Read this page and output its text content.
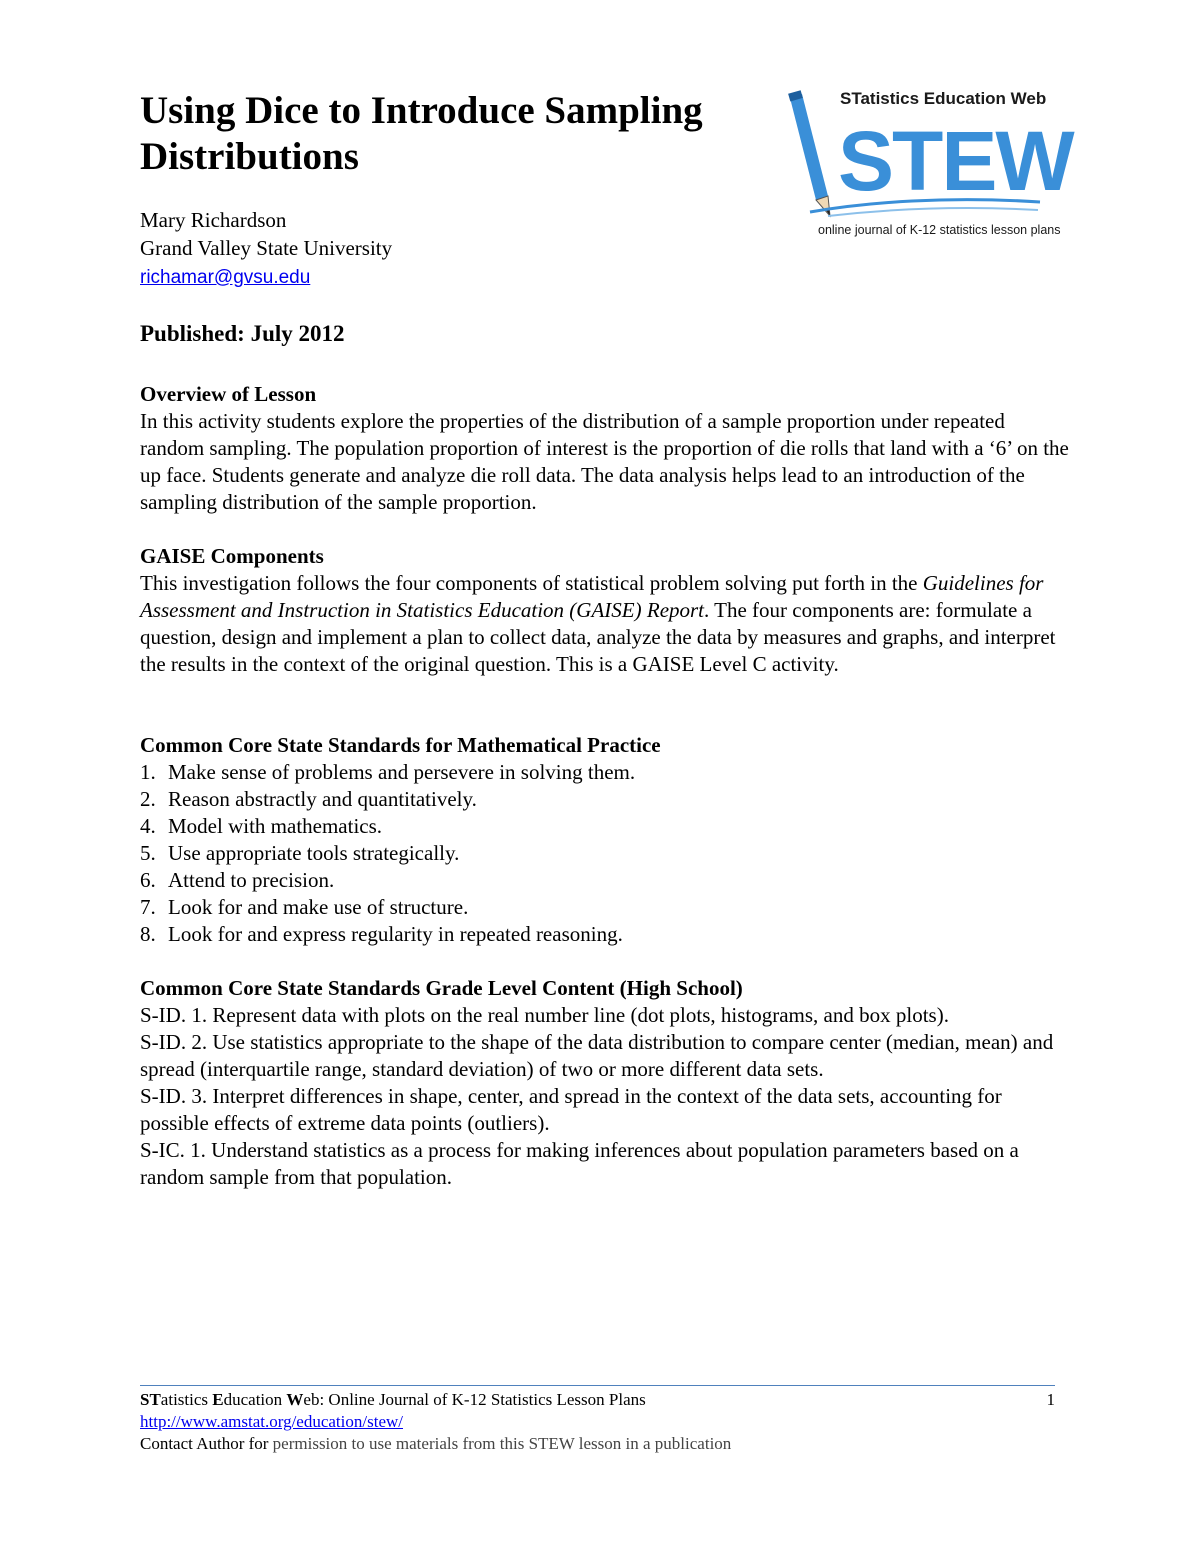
Using Dice to Introduce Sampling Distributions
STatistics Education Web
STEW
online journal of K-12 statistics lesson plans
Mary Richardson
Grand Valley State University
richamar@gvsu.edu

Published: July 2012

Overview of Lesson

In this activity students explore the properties of the distribution of a sample proportion under repeated random sampling. The population proportion of interest is the proportion of die rolls that land with a ‘6’ on the up face. Students generate and analyze die roll data. The data analysis helps lead to an introduction of the sampling distribution of the sample proportion.

GAISE Components

This investigation follows the four components of statistical problem solving put forth in the Guidelines for Assessment and Instruction in Statistics Education (GAISE) Report. The four components are: formulate a question, design and implement a plan to collect data, analyze the data by measures and graphs, and interpret the results in the context of the original question. This is a GAISE Level C activity.

Common Core State Standards for Mathematical Practice
1. Make sense of problems and persevere in solving them.
2. Reason abstractly and quantitatively.
4. Model with mathematics.
5. Use appropriate tools strategically.
6. Attend to precision.
7. Look for and make use of structure.
8. Look for and express regularity in repeated reasoning.
Common Core State Standards Grade Level Content (High School)

S-ID. 1. Represent data with plots on the real number line (dot plots, histograms, and box plots).

S-ID. 2. Use statistics appropriate to the shape of the data distribution to compare center (median, mean) and spread (interquartile range, standard deviation) of two or more different data sets.

S-ID. 3. Interpret differences in shape, center, and spread in the context of the data sets, accounting for possible effects of extreme data points (outliers).

S-IC. 1. Understand statistics as a process for making inferences about population parameters based on a random sample from that population.

STatistics Education Web: Online Journal of K-12 Statistics Lesson Plans	1
http://www.amstat.org/education/stew/
Contact Author for permission to use materials from this STEW lesson in a publication
